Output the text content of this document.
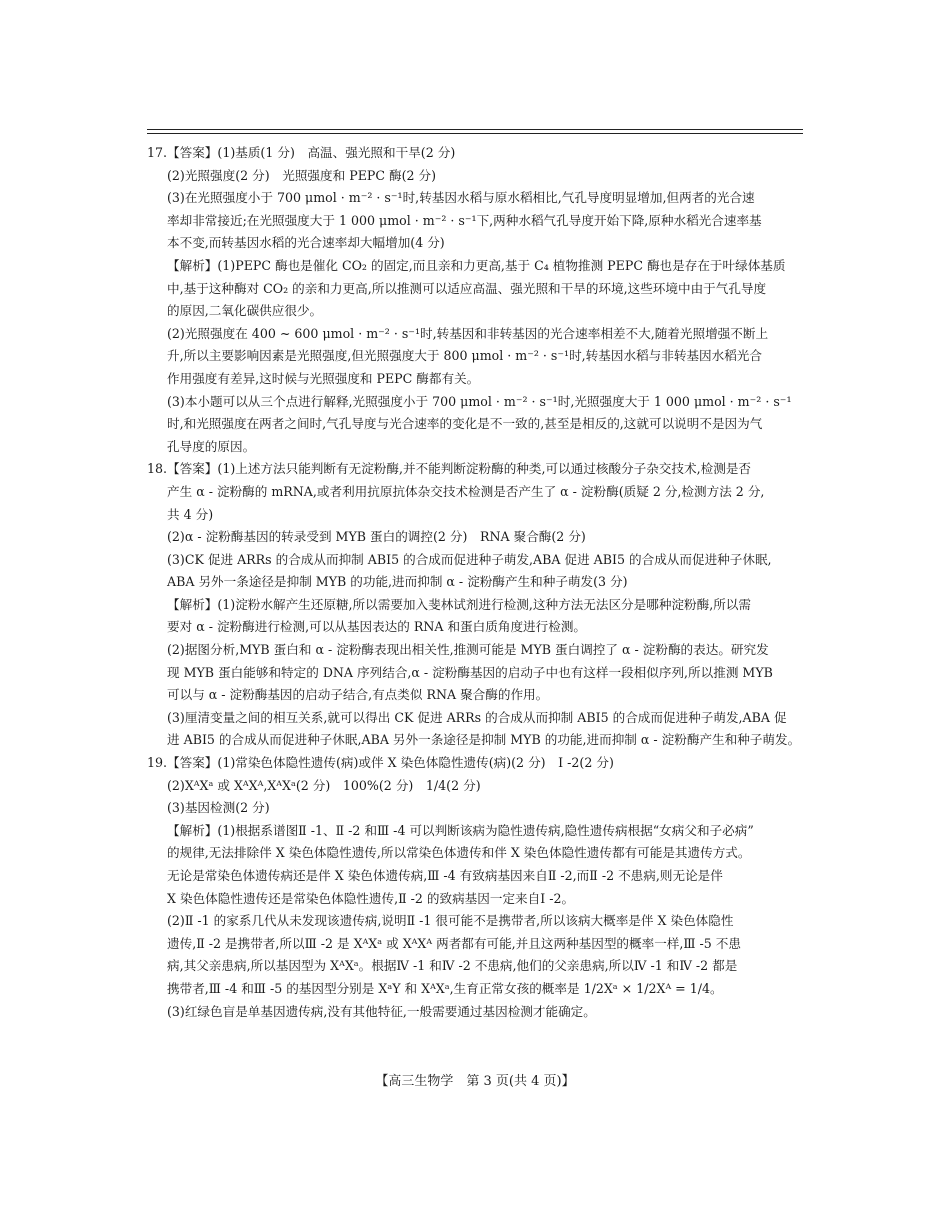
17.【答案】(1)基质(1 分)　高温、强光照和干旱(2 分)

(2)光照强度(2 分)　光照强度和 PEPC 酶(2 分)

(3)在光照强度小于 700 μmol · m⁻² · s⁻¹时,转基因水稻与原水稻相比,气孔导度明显增加,但两者的光合速

率却非常接近;在光照强度大于 1 000 μmol · m⁻² · s⁻¹下,两种水稻气孔导度开始下降,原种水稻光合速率基

本不变,而转基因水稻的光合速率却大幅增加(4 分)

【解析】(1)PEPC 酶也是催化 CO₂ 的固定,而且亲和力更高,基于 C₄ 植物推测 PEPC 酶也是存在于叶绿体基质

中,基于这种酶对 CO₂ 的亲和力更高,所以推测可以适应高温、强光照和干旱的环境,这些环境中由于气孔导度

的原因,二氧化碳供应很少。

(2)光照强度在 400 ~ 600 μmol · m⁻² · s⁻¹时,转基因和非转基因的光合速率相差不大,随着光照增强不断上

升,所以主要影响因素是光照强度,但光照强度大于 800 μmol · m⁻² · s⁻¹时,转基因水稻与非转基因水稻光合

作用强度有差异,这时候与光照强度和 PEPC 酶都有关。

(3)本小题可以从三个点进行解释,光照强度小于 700 μmol · m⁻² · s⁻¹时,光照强度大于 1 000 μmol · m⁻² · s⁻¹

时,和光照强度在两者之间时,气孔导度与光合速率的变化是不一致的,甚至是相反的,这就可以说明不是因为气

孔导度的原因。

18.【答案】(1)上述方法只能判断有无淀粉酶,并不能判断淀粉酶的种类,可以通过核酸分子杂交技术,检测是否

产生 α - 淀粉酶的 mRNA,或者利用抗原抗体杂交技术检测是否产生了 α - 淀粉酶(质疑 2 分,检测方法 2 分,

共 4 分)

(2)α - 淀粉酶基因的转录受到 MYB 蛋白的调控(2 分)　RNA 聚合酶(2 分)

(3)CK 促进 ARRs 的合成从而抑制 ABI5 的合成而促进种子萌发,ABA 促进 ABI5 的合成从而促进种子休眠,

ABA 另外一条途径是抑制 MYB 的功能,进而抑制 α - 淀粉酶产生和种子萌发(3 分)

【解析】(1)淀粉水解产生还原糖,所以需要加入斐林试剂进行检测,这种方法无法区分是哪种淀粉酶,所以需

要对 α - 淀粉酶进行检测,可以从基因表达的 RNA 和蛋白质角度进行检测。

(2)据图分析,MYB 蛋白和 α - 淀粉酶表现出相关性,推测可能是 MYB 蛋白调控了 α - 淀粉酶的表达。研究发

现 MYB 蛋白能够和特定的 DNA 序列结合,α - 淀粉酶基因的启动子中也有这样一段相似序列,所以推测 MYB

可以与 α - 淀粉酶基因的启动子结合,有点类似 RNA 聚合酶的作用。

(3)厘清变量之间的相互关系,就可以得出 CK 促进 ARRs 的合成从而抑制 ABI5 的合成而促进种子萌发,ABA 促

进 ABI5 的合成从而促进种子休眠,ABA 另外一条途径是抑制 MYB 的功能,进而抑制 α - 淀粉酶产生和种子萌发。

19.【答案】(1)常染色体隐性遗传(病)或伴 X 染色体隐性遗传(病)(2 分)　Ⅰ -2(2 分)

(2)XᴬXᵃ 或 XᴬXᴬ,XᴬXᵃ(2 分)　100%(2 分)　1/4(2 分)

(3)基因检测(2 分)

【解析】(1)根据系谱图Ⅱ -1、Ⅱ -2 和Ⅲ -4 可以判断该病为隐性遗传病,隐性遗传病根据“女病父和子必病”

的规律,无法排除伴 X 染色体隐性遗传,所以常染色体遗传和伴 X 染色体隐性遗传都有可能是其遗传方式。

无论是常染色体遗传病还是伴 X 染色体遗传病,Ⅲ -4 有致病基因来自Ⅱ -2,而Ⅱ -2 不患病,则无论是伴

X 染色体隐性遗传还是常染色体隐性遗传,Ⅱ -2 的致病基因一定来自Ⅰ -2。

(2)Ⅱ -1 的家系几代从未发现该遗传病,说明Ⅱ -1 很可能不是携带者,所以该病大概率是伴 X 染色体隐性

遗传,Ⅱ -2 是携带者,所以Ⅲ -2 是 XᴬXᵃ 或 XᴬXᴬ 两者都有可能,并且这两种基因型的概率一样,Ⅲ -5 不患

病,其父亲患病,所以基因型为 XᴬXᵃ。根据Ⅳ -1 和Ⅳ -2 不患病,他们的父亲患病,所以Ⅳ -1 和Ⅳ -2 都是

携带者,Ⅲ -4 和Ⅲ -5 的基因型分别是 XᵃY 和 XᴬXᵃ,生育正常女孩的概率是 1/2Xᵃ × 1/2Xᴬ = 1/4。

(3)红绿色盲是单基因遗传病,没有其他特征,一般需要通过基因检测才能确定。

【高三生物学　第 3 页(共 4 页)】
